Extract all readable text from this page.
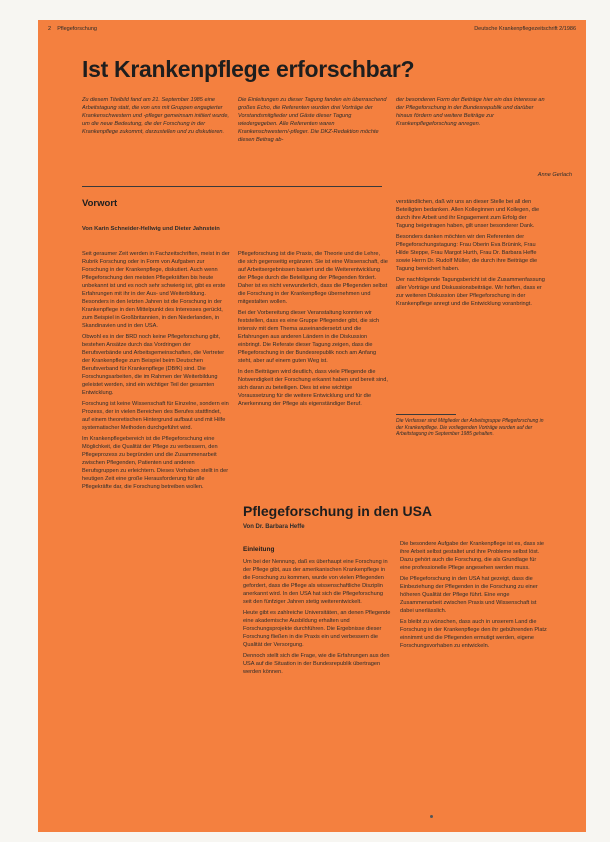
2 Pflegeforschung	Deutsche Krankenpflegezeitschrift 2/1986
Ist Krankenpflege erforschbar?

Zu diesem Titelbild fand am 21. September 1985 eine Arbeitstagung statt, die von uns mit Gruppen engagierter Krankenschwestern und -pfleger gemeinsam initiiert wurde, um die neue Bedeutung, die der Forschung in der Krankenpflege zukommt, darzustellen und zu diskutieren.

Die Einleitungen zu dieser Tagung fanden ein überraschend großes Echo, die Referenten wurden drei Vorträge der Vorstandsmitglieder und Gäste dieser Tagung wiedergegeben. Alle Referenten waren Krankenschwestern/-pfleger. Die DKZ-Redaktion möchte diesen Beitrag ab-

der besonderen Form der Beiträge hier ein das Interesse an der Pflegeforschung in der Bundesrepublik und darüber hinaus fördern und weitere Beiträge zur Krankenpflegeforschung anregen.

Anne Gerlach
Vorwort
Von Karin Schneider-Hellwig und Dieter Jahnstein

Seit geraumer Zeit werden in Fachzeitschriften, meist in der Rubrik Forschung oder in Form von Aufgaben zur Forschung in der Krankenpflege, diskutiert. Auch wenn Pflegeforschung den meisten Pflegekräften bis heute unbekannt ist und es noch sehr schwierig ist, gibt es erste Erfahrungen mit ihr in der Aus- und Weiterbildung. Besonders in den letzten Jahren ist die Forschung in der Krankenpflege in den Mittelpunkt des Interesses gerückt, zum Beispiel in Großbritannien, in den Niederlanden, in Skandinavien und in den USA.

Obwohl es in der BRD noch keine Pflegeforschung gibt, bestehen Ansätze durch das Vordringen der Berufsverbände und Arbeitsgemeinschaften, die Vertreter der Krankenpflege zum Beispiel beim Deutschen Berufsverband für Krankenpflege (DBfK) sind. Die Forschungsarbeiten, die im Rahmen der Weiterbildung geleistet werden, sind ein wichtiger Teil der gesamten Entwicklung.

Forschung ist keine Wissenschaft für Einzelne, sondern ein Prozess, der in vielen Bereichen des Berufes stattfindet, auf einem theoretischen Hintergrund aufbaut und mit Hilfe systematischer Methoden durchgeführt wird.

Im Krankenpflegebereich ist die Pflegeforschung eine Möglichkeit, die Qualität der Pflege zu verbessern, den Pflegeprozess zu begründen und die Zusammenarbeit zwischen Pflegenden, Patienten und anderen Berufsgruppen zu erleichtern. Dieses Vorhaben stellt in der heutigen Zeit eine große Herausforderung für alle Pflegekräfte dar, die Forschung betreiben wollen.

Pflegeforschung ist die Praxis, die Theorie und die Lehre, die sich gegenseitig ergänzen. Sie ist eine Wissenschaft, die auf Arbeitsergebnissen basiert und die Weiterentwicklung der Pflege durch die Beteiligung der Pflegenden fördert. Daher ist es nicht verwunderlich, dass die Pflegenden selbst die Forschung in der Krankenpflege übernehmen und mitgestalten wollen.

Bei der Vorbereitung dieser Veranstaltung konnten wir feststellen, dass es eine Gruppe Pflegender gibt, die sich intensiv mit dem Thema auseinandersetzt und die Erfahrungen aus anderen Ländern in die Diskussion einbringt. Die Referate dieser Tagung zeigen, dass die Pflegeforschung in der Bundesrepublik noch am Anfang steht, aber auf einem guten Weg ist.

In den Beiträgen wird deutlich, dass viele Pflegende die Notwendigkeit der Forschung erkannt haben und bereit sind, sich daran zu beteiligen. Dies ist eine wichtige Voraussetzung für die weitere Entwicklung und für die Anerkennung der Pflege als eigenständiger Beruf.

verständlichen, daß wir uns an dieser Stelle bei all den Beteiligten bedanken. Allen Kolleginnen und Kollegen, die durch ihre Arbeit und ihr Engagement zum Erfolg der Tagung beigetragen haben, gilt unser besonderer Dank.

Besonders danken möchten wir den Referenten der Pflegeforschungstagung: Frau Oberin Eva Brünink, Frau Hilde Steppe, Frau Margot Hurth, Frau Dr. Barbara Heffe sowie Herrn Dr. Rudolf Müller, die durch ihre Beiträge die Tagung bereichert haben.

Der nachfolgende Tagungsbericht ist die Zusammenfassung aller Vorträge und Diskussionsbeiträge. Wir hoffen, dass er zur weiteren Diskussion über Pflegeforschung in der Krankenpflege anregt und die Entwicklung voranbringt.

Die Verfasser sind Mitglieder der Arbeitsgruppe Pflegeforschung in der Krankenpflege. Die vorliegenden Vorträge wurden auf der Arbeitstagung im September 1985 gehalten.

Pflegeforschung in den USA
Von Dr. Barbara Heffe
Einleitung

Um bei der Nennung, daß es überhaupt eine Forschung in der Pflege gibt, aus der amerikanischen Krankenpflege in die Forschung zu kommen, wurde von vielen Pflegenden gefordert, dass die Pflege als wissenschaftliche Disziplin anerkannt wird. In den USA hat sich die Pflegeforschung seit den fünfziger Jahren stetig weiterentwickelt.

Heute gibt es zahlreiche Universitäten, an denen Pflegende eine akademische Ausbildung erhalten und Forschungsprojekte durchführen. Die Ergebnisse dieser Forschung fließen in die Praxis ein und verbessern die Qualität der Versorgung.

Dennoch stellt sich die Frage, wie die Erfahrungen aus den USA auf die Situation in der Bundesrepublik übertragen werden können.

Die besondere Aufgabe der Krankenpflege ist es, dass sie ihre Arbeit selbst gestaltet und ihre Probleme selbst löst. Dazu gehört auch die Forschung, die als Grundlage für eine professionelle Pflege angesehen werden muss.

Die Pflegeforschung in den USA hat gezeigt, dass die Einbeziehung der Pflegenden in die Forschung zu einer höheren Qualität der Pflege führt. Eine enge Zusammenarbeit zwischen Praxis und Wissenschaft ist dabei unerlässlich.

Es bleibt zu wünschen, dass auch in unserem Land die Forschung in der Krankenpflege den ihr gebührenden Platz einnimmt und die Pflegenden ermutigt werden, eigene Forschungsvorhaben zu entwickeln.
